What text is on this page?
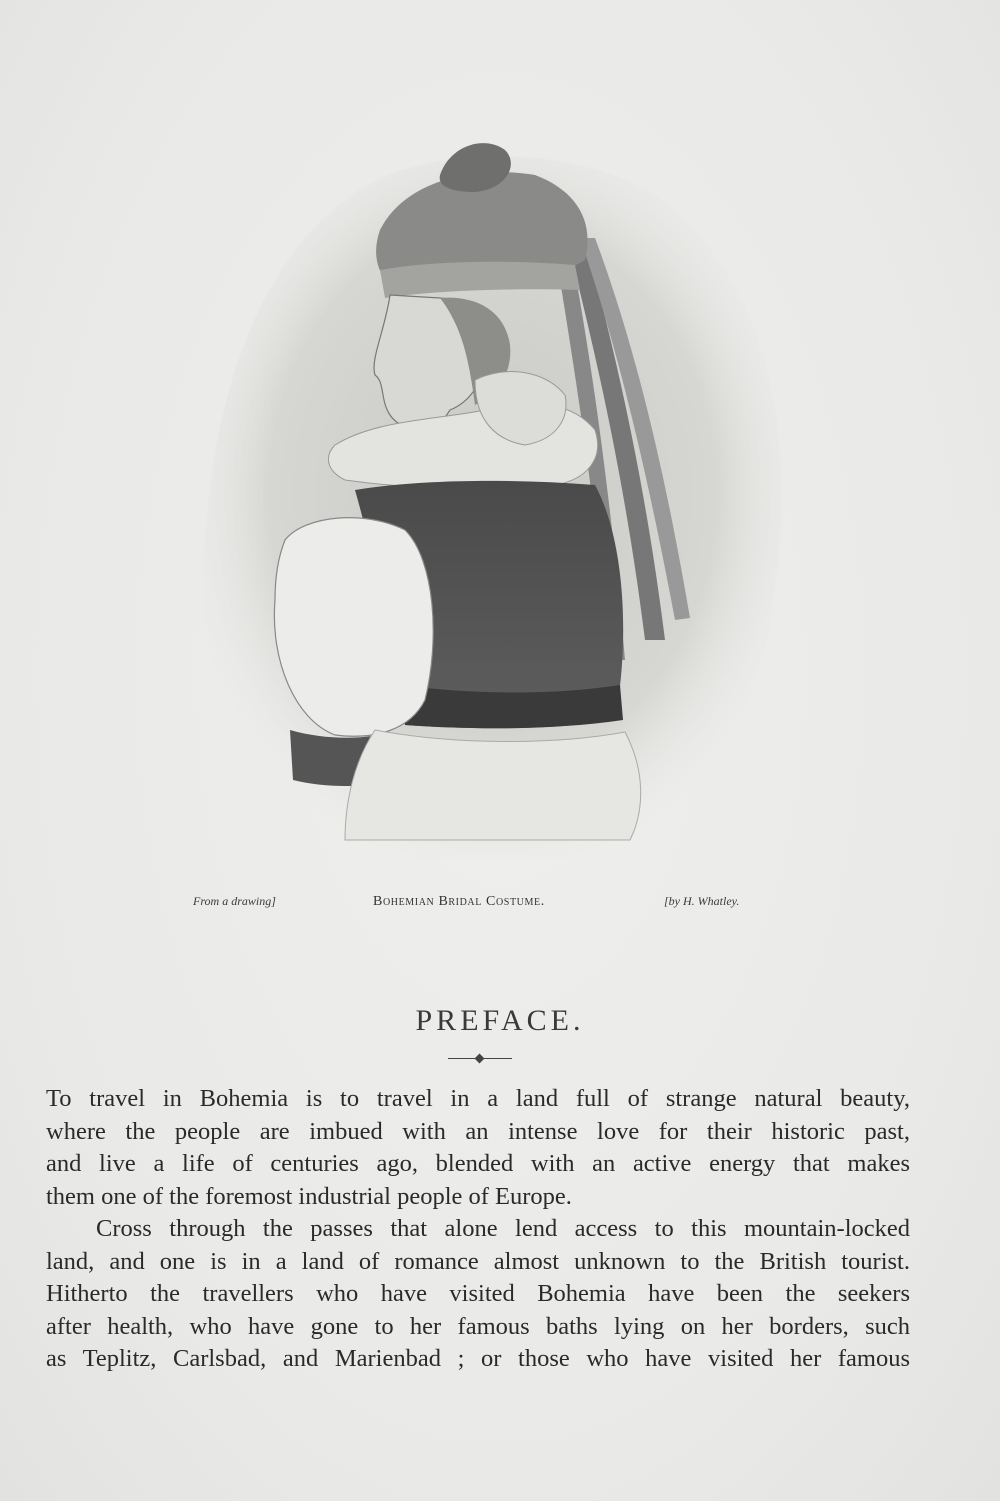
From a drawing]	Bohemian Bridal Costume.	[by H. Whatley.
PREFACE.
To travel in Bohemia is to travel in a land full of strange natural beauty,
where the people are imbued with an intense love for their historic past,
and live a life of centuries ago, blended with an active energy that makes
them one of the foremost industrial people of Europe.
Cross through the passes that alone lend access to this mountain-locked
land, and one is in a land of romance almost unknown to the British tourist.
Hitherto the travellers who have visited Bohemia have been the seekers
after health, who have gone to her famous baths lying on her borders, such
as Teplitz, Carlsbad, and Marienbad ; or those who have visited her famous
